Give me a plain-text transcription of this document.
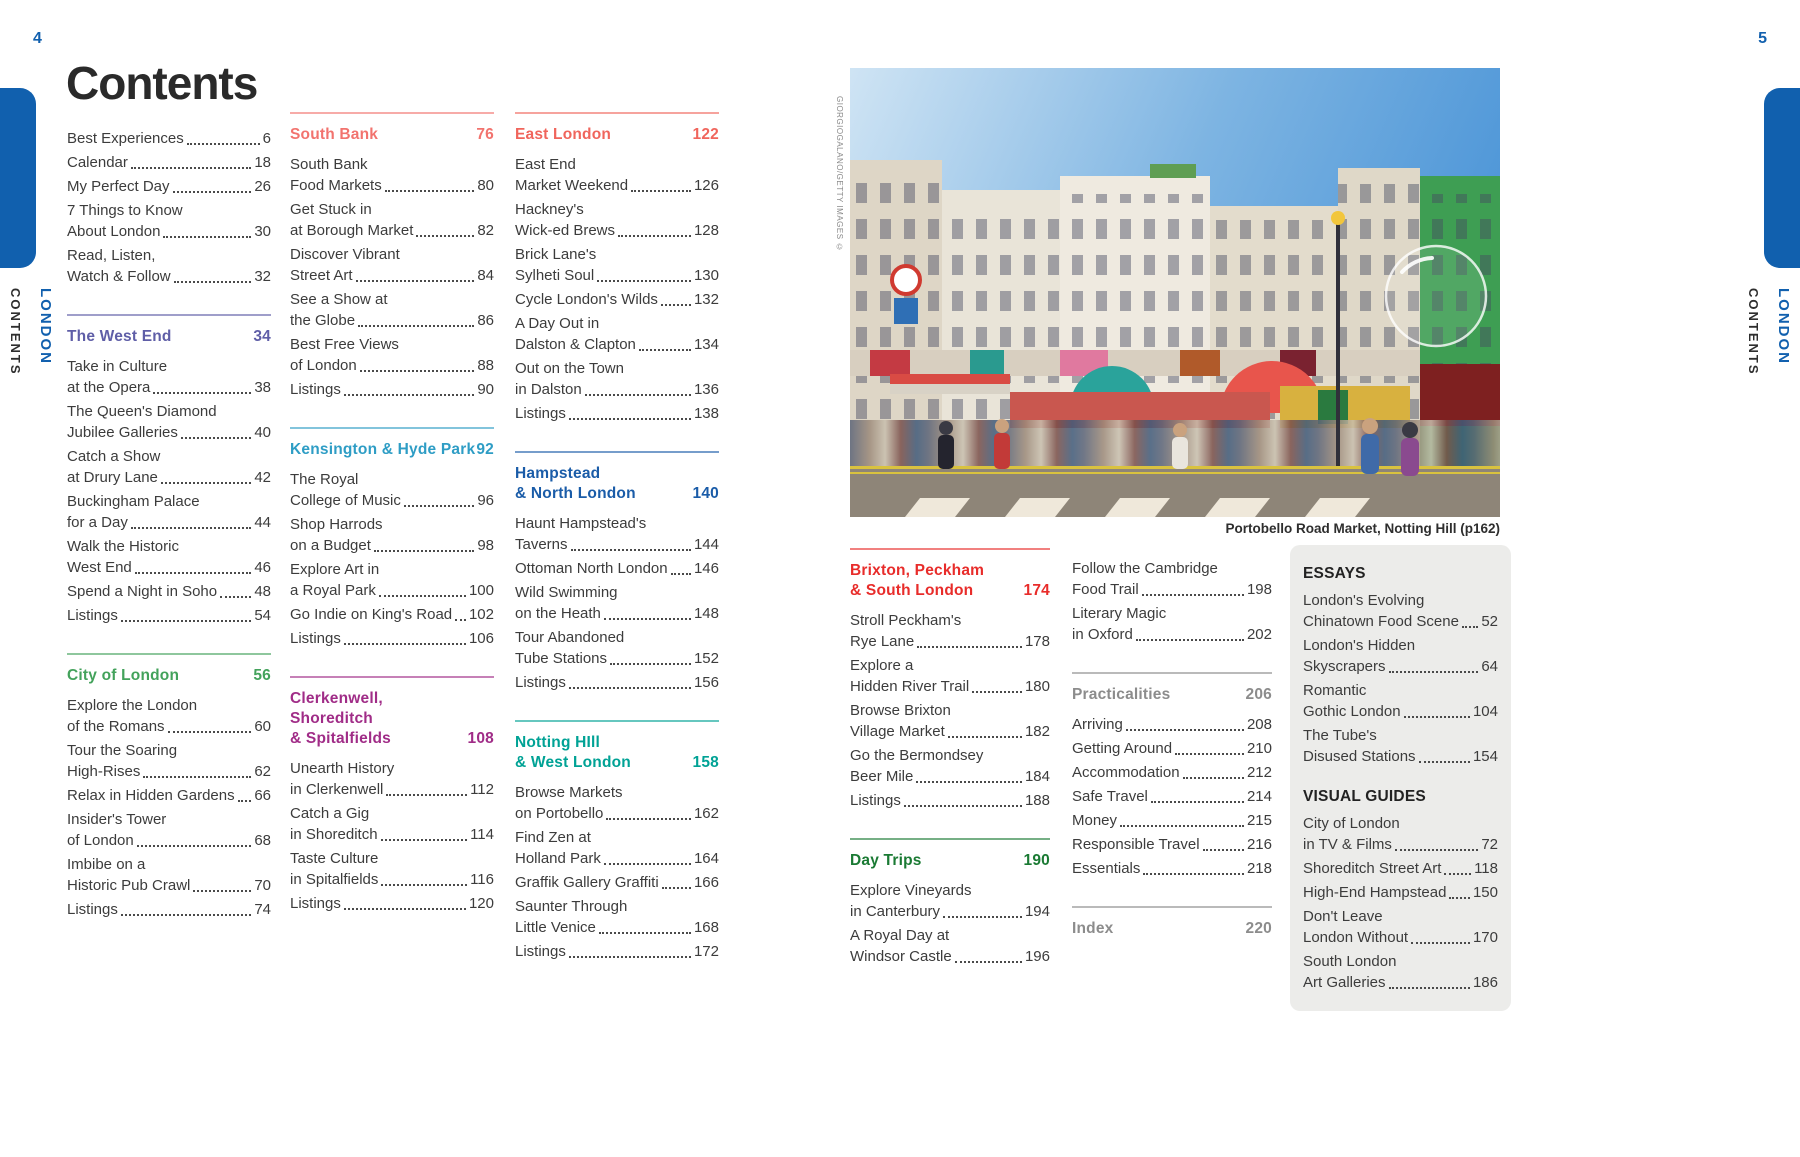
LONDON
CONTENTS	LONDON
CONTENTS
4	5
Contents
Best Experiences	6
Calendar	18
My Perfect Day	26
7 Things to Know
About London	30
Read, Listen,
Watch & Follow	32
The West End	34
Take in Culture
at the Opera	38
The Queen's Diamond
Jubilee Galleries	40
Catch a Show
at Drury Lane	42
Buckingham Palace
for a Day	44
Walk the Historic
West End	46
Spend a Night in Soho 48
Listings	54
City of London	56
Explore the London
of the Romans	60
Tour the Soaring
High-Rises	62
Relax in Hidden Gardens 66
Insider's Tower
of London	68
Imbibe on a
Historic Pub Crawl	70
Listings	74
South Bank	76
South Bank
Food Markets	80
Get Stuck in
at Borough Market	82
Discover Vibrant
Street Art	84
See a Show at
the Globe	86
Best Free Views
of London	88
Listings	90
Kensington & Hyde Park 92
The Royal
College of Music	96
Shop Harrods
on a Budget	98
Explore Art in
a Royal Park	100
Go Indie on King's Road 102
Listings	106
Clerkenwell,
Shoreditch
& Spitalfields	108
Unearth History
in Clerkenwell	112
Catch a Gig
in Shoreditch	114
Taste Culture
in Spitalfields	116
Listings	120
East London	122
East End
Market Weekend	126
Hackney's
Wick-ed Brews	128
Brick Lane's
Sylheti Soul	130
Cycle London's Wilds 132
A Day Out in
Dalston & Clapton	134
Out on the Town
in Dalston	136
Listings	138
Hampstead
& North London	140
Haunt Hampstead's
Taverns	144
Ottoman North London 146
Wild Swimming
on the Heath	148
Tour Abandoned
Tube Stations	152
Listings	156
Notting HIll
& West London	158
Browse Markets
on Portobello	162
Find Zen at
Holland Park	164
Graffik Gallery Graffiti 166
Saunter Through
Little Venice	168
Listings	172
Brixton, Peckham
& South London	174
Stroll Peckham's
Rye Lane	178
Explore a
Hidden River Trail	180
Browse Brixton
Village Market	182
Go the Bermondsey
Beer Mile	184
Listings	188
Day Trips	190
Explore Vineyards
in Canterbury	194
A Royal Day at
Windsor Castle	196
Follow the Cambridge
Food Trail	198
Literary Magic
in Oxford	202
Practicalities	206
Arriving	208
Getting Around	210
Accommodation	212
Safe Travel	214
Money	215
Responsible Travel	216
Essentials	218
Index	220
GIORGIOGALANO/GETTY IMAGES ©
Portobello Road Market, Notting Hill (p162)
ESSAYS
London's Evolving
Chinatown Food Scene 52
London's Hidden
Skyscrapers	64
Romantic
Gothic London	104
The Tube's
Disused Stations	154
VISUAL GUIDES
City of London
in TV & Films	72
Shoreditch Street Art 118
High-End Hampstead 150
Don't Leave
London Without	170
South London
Art Galleries	186
